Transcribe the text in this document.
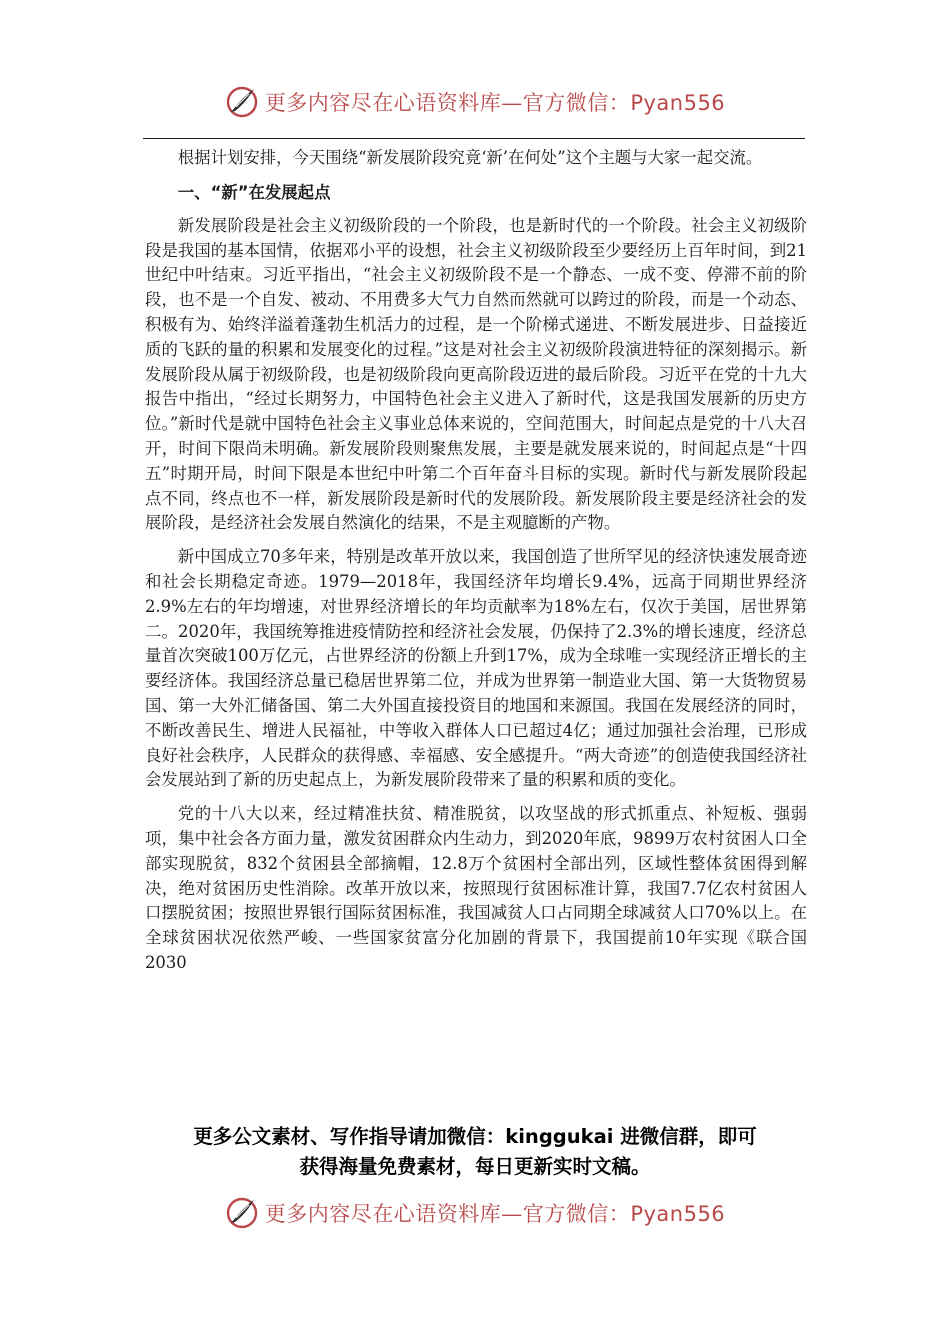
更多内容尽在心语资料库—官方微信：Pyan556

根据计划安排，今天围绕“新发展阶段究竟‘新’在何处”这个主题与大家一起交流。

一、“新”在发展起点

新发展阶段是社会主义初级阶段的一个阶段，也是新时代的一个阶段。社会主义初级阶段是我国的基本国情，依据邓小平的设想，社会主义初级阶段至少要经历上百年时间，到21世纪中叶结束。习近平指出，“社会主义初级阶段不是一个静态、一成不变、停滞不前的阶段，也不是一个自发、被动、不用费多大气力自然而然就可以跨过的阶段，而是一个动态、积极有为、始终洋溢着蓬勃生机活力的过程，是一个阶梯式递进、不断发展进步、日益接近质的飞跃的量的积累和发展变化的过程。”这是对社会主义初级阶段演进特征的深刻揭示。新发展阶段从属于初级阶段，也是初级阶段向更高阶段迈进的最后阶段。习近平在党的十九大报告中指出，“经过长期努力，中国特色社会主义进入了新时代，这是我国发展新的历史方位。”新时代是就中国特色社会主义事业总体来说的，空间范围大，时间起点是党的十八大召开，时间下限尚未明确。新发展阶段则聚焦发展，主要是就发展来说的，时间起点是“十四五”时期开局，时间下限是本世纪中叶第二个百年奋斗目标的实现。新时代与新发展阶段起点不同，终点也不一样，新发展阶段是新时代的发展阶段。新发展阶段主要是经济社会的发展阶段，是经济社会发展自然演化的结果，不是主观臆断的产物。

新中国成立70多年来，特别是改革开放以来，我国创造了世所罕见的经济快速发展奇迹和社会长期稳定奇迹。1979—2018年，我国经济年均增长9.4%，远高于同期世界经济2.9%左右的年均增速，对世界经济增长的年均贡献率为18%左右，仅次于美国，居世界第二。2020年，我国统筹推进疫情防控和经济社会发展，仍保持了2.3%的增长速度，经济总量首次突破100万亿元，占世界经济的份额上升到17%，成为全球唯一实现经济正增长的主要经济体。我国经济总量已稳居世界第二位，并成为世界第一制造业大国、第一大货物贸易国、第一大外汇储备国、第二大外国直接投资目的地国和来源国。我国在发展经济的同时，不断改善民生、增进人民福祉，中等收入群体人口已超过4亿；通过加强社会治理，已形成良好社会秩序，人民群众的获得感、幸福感、安全感提升。“两大奇迹”的创造使我国经济社会发展站到了新的历史起点上，为新发展阶段带来了量的积累和质的变化。

党的十八大以来，经过精准扶贫、精准脱贫，以攻坚战的形式抓重点、补短板、强弱项，集中社会各方面力量，激发贫困群众内生动力，到2020年底，9899万农村贫困人口全部实现脱贫，832个贫困县全部摘帽，12.8万个贫困村全部出列，区域性整体贫困得到解决，绝对贫困历史性消除。改革开放以来，按照现行贫困标准计算，我国7.7亿农村贫困人口摆脱贫困；按照世界银行国际贫困标准，我国减贫人口占同期全球减贫人口70%以上。在全球贫困状况依然严峻、一些国家贫富分化加剧的背景下，我国提前10年实现《联合国2030

更多公文素材、写作指导请加微信：kinggukai 进微信群，即可
获得海量免费素材，每日更新实时文稿。
更多内容尽在心语资料库—官方微信：Pyan556
